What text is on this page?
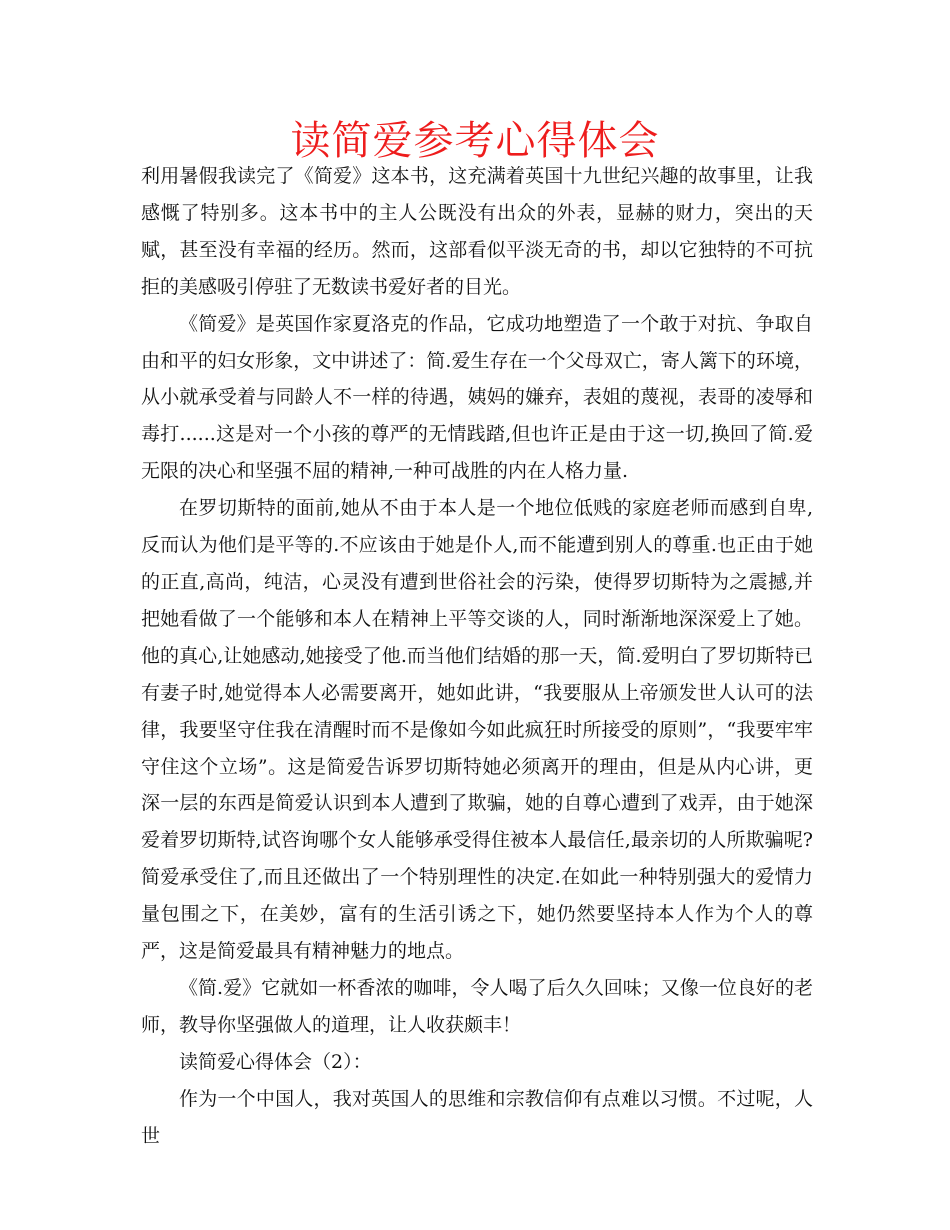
读简爱参考心得体会

利用暑假我读完了《简爱》这本书，这充满着英国十九世纪兴趣的故事里，让我感慨了特别多。这本书中的主人公既没有出众的外表，显赫的财力，突出的天赋，甚至没有幸福的经历。然而，这部看似平淡无奇的书，却以它独特的不可抗拒的美感吸引停驻了无数读书爱好者的目光。

《简爱》是英国作家夏洛克的作品，它成功地塑造了一个敢于对抗、争取自由和平的妇女形象，文中讲述了：简.爱生存在一个父母双亡，寄人篱下的环境，从小就承受着与同龄人不一样的待遇，姨妈的嫌弃，表姐的蔑视，表哥的凌辱和毒打......这是对一个小孩的尊严的无情践踏,但也许正是由于这一切,换回了简.爱无限的决心和坚强不屈的精神,一种可战胜的内在人格力量.

在罗切斯特的面前,她从不由于本人是一个地位低贱的家庭老师而感到自卑,反而认为他们是平等的.不应该由于她是仆人,而不能遭到别人的尊重.也正由于她的正直,高尚，纯洁，心灵没有遭到世俗社会的污染，使得罗切斯特为之震撼,并把她看做了一个能够和本人在精神上平等交谈的人，同时渐渐地深深爱上了她。他的真心,让她感动,她接受了他.而当他们结婚的那一天，简.爱明白了罗切斯特已有妻子时,她觉得本人必需要离开，她如此讲，“我要服从上帝颁发世人认可的法律，我要坚守住我在清醒时而不是像如今如此疯狂时所接受的原则”，“我要牢牢守住这个立场”。这是简爱告诉罗切斯特她必须离开的理由，但是从内心讲，更深一层的东西是简爱认识到本人遭到了欺骗，她的自尊心遭到了戏弄，由于她深爱着罗切斯特,试咨询哪个女人能够承受得住被本人最信任,最亲切的人所欺骗呢?简爱承受住了,而且还做出了一个特别理性的决定.在如此一种特别强大的爱情力量包围之下，在美妙，富有的生活引诱之下，她仍然要坚持本人作为个人的尊严，这是简爱最具有精神魅力的地点。

《简.爱》它就如一杯香浓的咖啡，令人喝了后久久回味；又像一位良好的老师，教导你坚强做人的道理，让人收获颇丰！

读简爱心得体会（2）：

作为一个中国人，我对英国人的思维和宗教信仰有点难以习惯。不过呢，人世
